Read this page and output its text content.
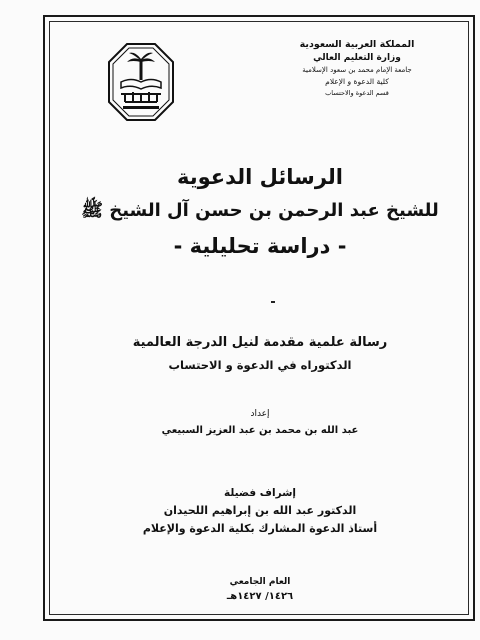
المملكة العربية السعودية
وزارة التعليم العالي
جامعة الإمام محمد بن سعود الإسلامية
كلية الدعوة و الإعلام
قسم الدعوة والاحتساب
الرسائل الدعوية
للشيخ عبد الرحمن بن حسن آل الشيخ ﷺ
- دراسة تحليلية -
رسالة علمية مقدمة لنيل الدرجة العالمية
الدكتوراه في الدعوة و الاحتساب
إعداد
عبد الله بن محمد بن عبد العزيز السبيعي
إشراف فضيلة
الدكتور عبد الله بن إبراهيم اللحيدان
أستاذ الدعوة المشارك بكلية الدعوة والإعلام
العام الجامعي
١٤٢٦/ ١٤٢٧هـ
